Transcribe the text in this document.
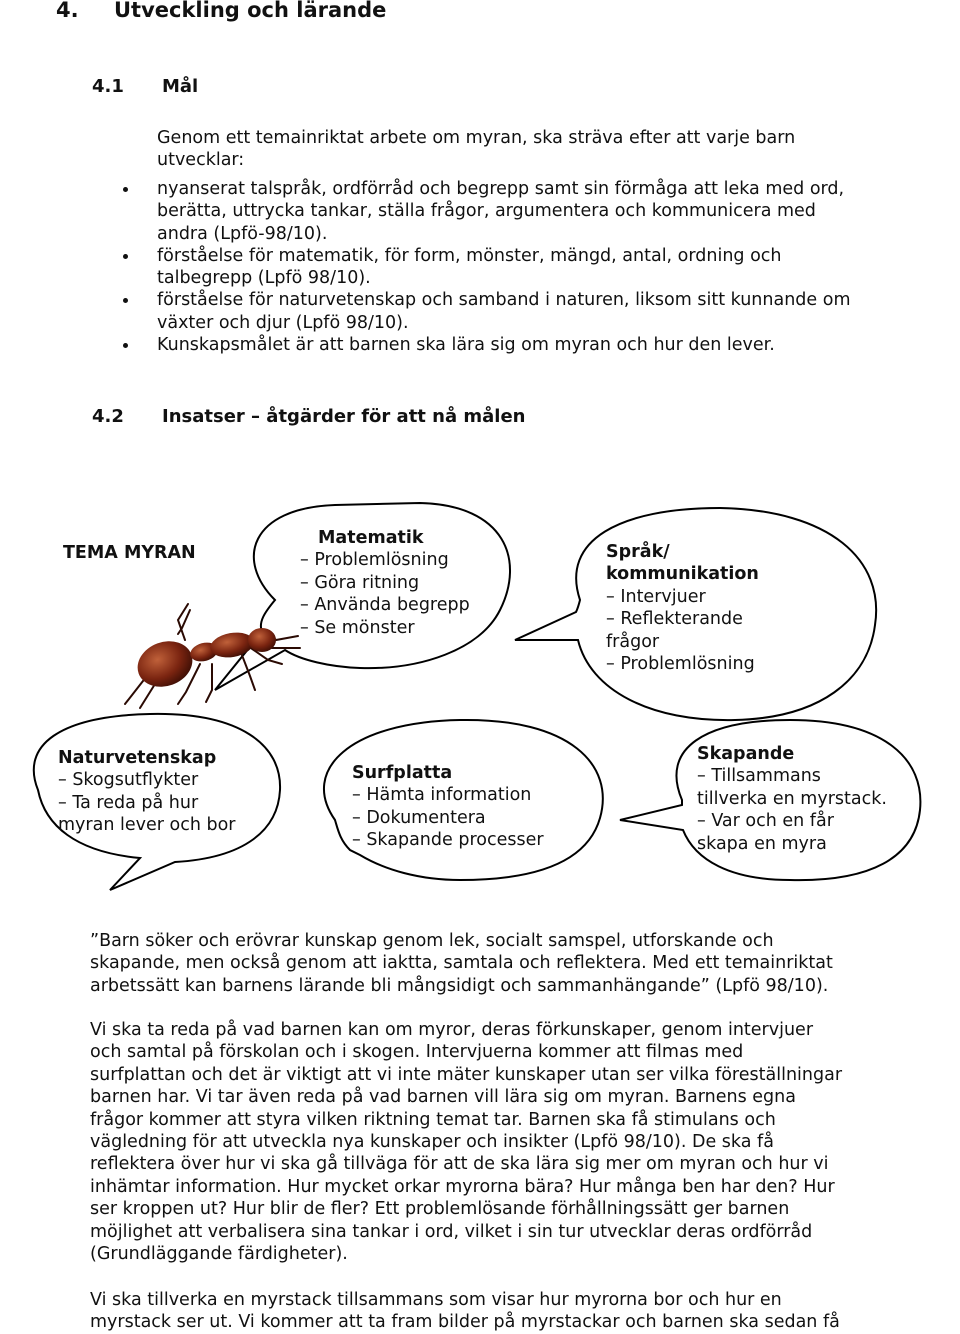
4. Utveckling och lärande
4.1 Mål
Genom ett temainriktat arbete om myran, ska sträva efter att varje barn
utvecklar:
nyanserat talspråk, ordförråd och begrepp samt sin förmåga att leka med ord,
berätta, uttrycka tankar, ställa frågor, argumentera och kommunicera med
andra (Lpfö-98/10).
förståelse för matematik, för form, mönster, mängd, antal, ordning och
talbegrepp (Lpfö 98/10).
förståelse för naturvetenskap och samband i naturen, liksom sitt kunnande om
växter och djur (Lpfö 98/10).
Kunskapsmålet är att barnen ska lära sig om myran och hur den lever.
4.2 Insatser – åtgärder för att nå målen
TEMA MYRAN
Matematik
– Problemlösning
– Göra ritning
– Använda begrepp
– Se mönster
Språk/
kommunikation
– Intervjuer
– Reflekterande
frågor
– Problemlösning
Naturvetenskap
– Skogsutflykter
– Ta reda på hur
myran lever och bor
Surfplatta
– Hämta information
– Dokumentera
– Skapande processer
Skapande
– Tillsammans
tillverka en myrstack.
– Var och en får
skapa en myra
”Barn söker och erövrar kunskap genom lek, socialt samspel, utforskande och
skapande, men också genom att iaktta, samtala och reflektera. Med ett temainriktat
arbetssätt kan barnens lärande bli mångsidigt och sammanhängande” (Lpfö 98/10).
Vi ska ta reda på vad barnen kan om myror, deras förkunskaper, genom intervjuer
och samtal på förskolan och i skogen. Intervjuerna kommer att filmas med
surfplattan och det är viktigt att vi inte mäter kunskaper utan ser vilka föreställningar
barnen har. Vi tar även reda på vad barnen vill lära sig om myran. Barnens egna
frågor kommer att styra vilken riktning temat tar. Barnen ska få stimulans och
vägledning för att utveckla nya kunskaper och insikter (Lpfö 98/10). De ska få
reflektera över hur vi ska gå tillväga för att de ska lära sig mer om myran och hur vi
inhämtar information. Hur mycket orkar myrorna bära? Hur många ben har den? Hur
ser kroppen ut? Hur blir de fler? Ett problemlösande förhållningssätt ger barnen
möjlighet att verbalisera sina tankar i ord, vilket i sin tur utvecklar deras ordförråd
(Grundläggande färdigheter).
Vi ska tillverka en myrstack tillsammans som visar hur myrorna bor och hur en
myrstack ser ut. Vi kommer att ta fram bilder på myrstackar och barnen ska sedan få
